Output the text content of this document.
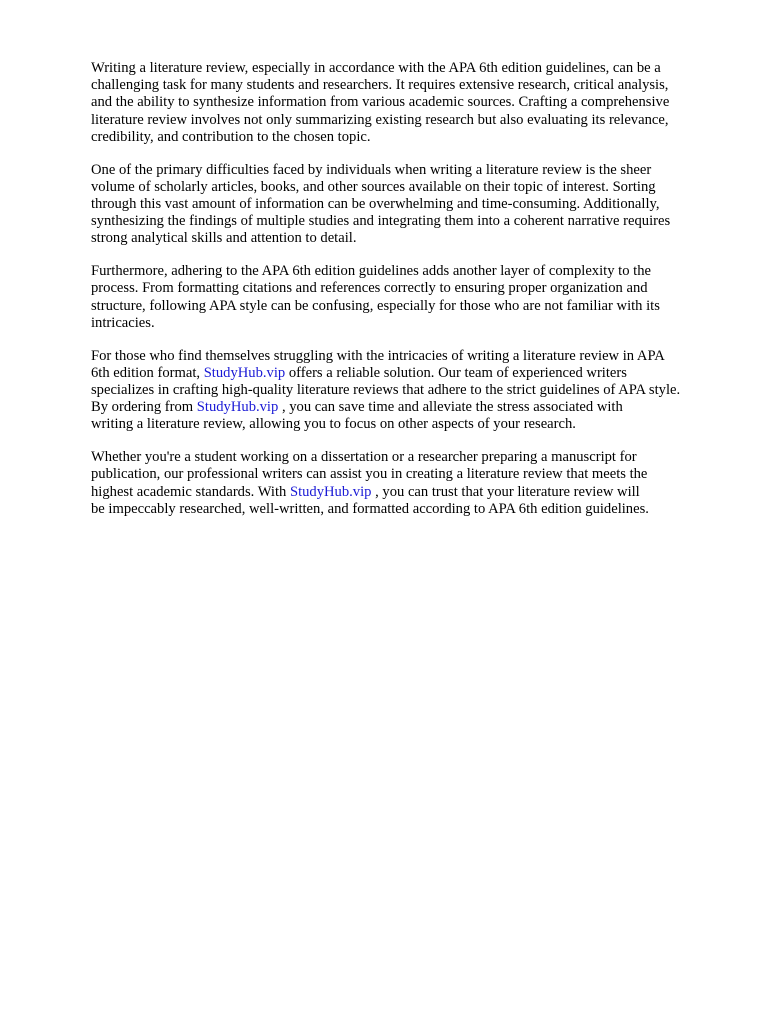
Writing a literature review, especially in accordance with the APA 6th edition guidelines, can be a
challenging task for many students and researchers. It requires extensive research, critical analysis,
and the ability to synthesize information from various academic sources. Crafting a comprehensive
literature review involves not only summarizing existing research but also evaluating its relevance,
credibility, and contribution to the chosen topic.

One of the primary difficulties faced by individuals when writing a literature review is the sheer
volume of scholarly articles, books, and other sources available on their topic of interest. Sorting
through this vast amount of information can be overwhelming and time-consuming. Additionally,
synthesizing the findings of multiple studies and integrating them into a coherent narrative requires
strong analytical skills and attention to detail.

Furthermore, adhering to the APA 6th edition guidelines adds another layer of complexity to the
process. From formatting citations and references correctly to ensuring proper organization and
structure, following APA style can be confusing, especially for those who are not familiar with its
intricacies.

For those who find themselves struggling with the intricacies of writing a literature review in APA
6th edition format, StudyHub.vip offers a reliable solution. Our team of experienced writers
specializes in crafting high-quality literature reviews that adhere to the strict guidelines of APA style.
By ordering from StudyHub.vip , you can save time and alleviate the stress associated with
writing a literature review, allowing you to focus on other aspects of your research.

Whether you're a student working on a dissertation or a researcher preparing a manuscript for
publication, our professional writers can assist you in creating a literature review that meets the
highest academic standards. With StudyHub.vip , you can trust that your literature review will
be impeccably researched, well-written, and formatted according to APA 6th edition guidelines.
